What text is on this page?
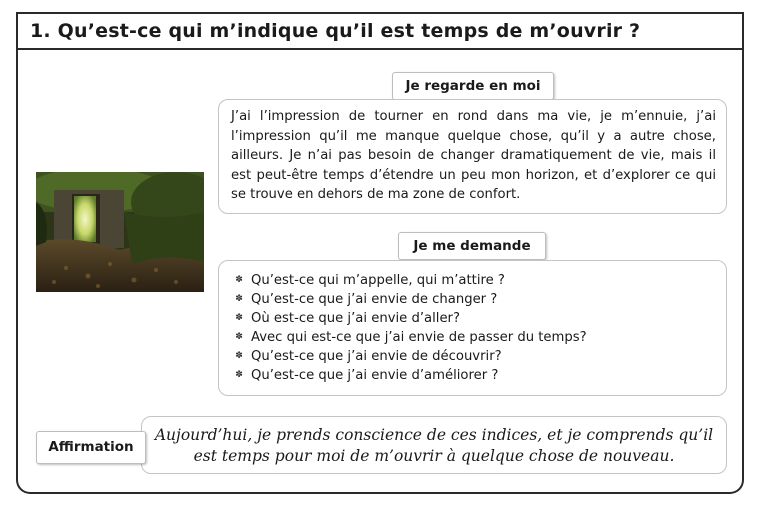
1. Qu’est-ce qui m’indique qu’il est temps de m’ouvrir ?
Je regarde en moi

J’ai l’impression de tourner en rond dans ma vie, je m’ennuie, j’ai l’impression qu’il me manque quelque chose, qu’il y a autre chose, ailleurs. Je n’ai pas besoin de changer dramatiquement de vie, mais il est peut-être temps d’étendre un peu mon horizon, et d’explorer ce qui se trouve en dehors de ma zone de confort.

Je me demande
✽ Qu’est-ce qui m’appelle, qui m’attire ?
✽ Qu’est-ce que j’ai envie de changer ?
✽ Où est-ce que j’ai envie d’aller?
✽ Avec qui est-ce que j’ai envie de passer du temps?
✽ Qu’est-ce que j’ai envie de découvrir?
✽ Qu’est-ce que j’ai envie d’améliorer ?
Aujourd’hui, je prends conscience de ces indices, et je comprends qu’il
est temps pour moi de m’ouvrir à quelque chose de nouveau.
Affirmation
